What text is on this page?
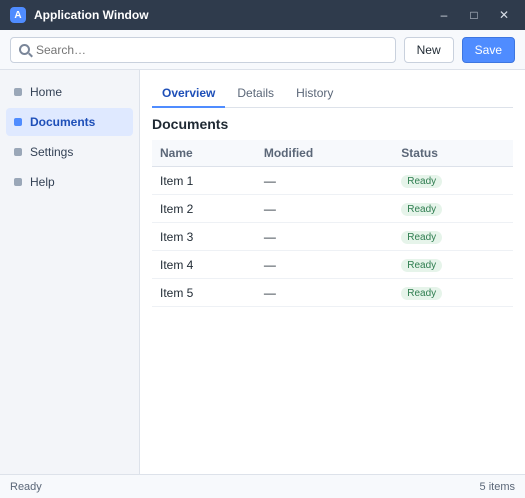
A	Application Window	–	□	✕
Search…
New	Save
Home
Documents
Settings
Help
Overview	Details	History
Documents
Name	Modified	Status
Item 1	—	Ready
Item 2	—	Ready
Item 3	—	Ready
Item 4	—	Ready
Item 5	—	Ready
Ready	5 items
